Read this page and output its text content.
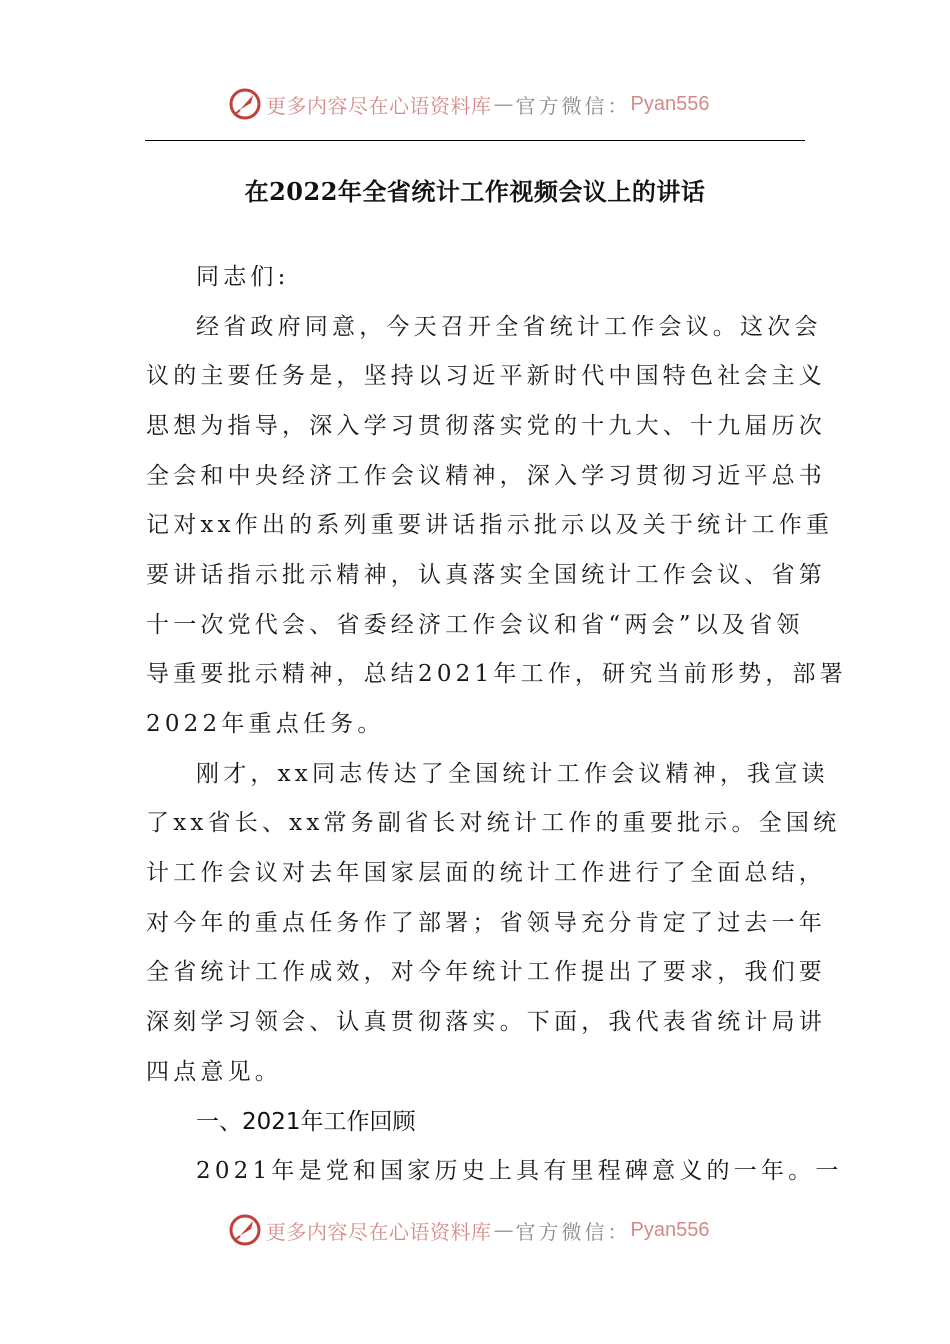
更多内容尽在心语资料库 — 官方微信： Pyan556
在2022年全省统计工作视频会议上的讲话
同志们:
经省政府同意，今天召开全省统计工作会议。这次会
议的主要任务是，坚持以习近平新时代中国特色社会主义
思想为指导，深入学习贯彻落实党的十九大、十九届历次
全会和中央经济工作会议精神，深入学习贯彻习近平总书
记对xx作出的系列重要讲话指示批示以及关于统计工作重
要讲话指示批示精神，认真落实全国统计工作会议、省第
十一次党代会、省委经济工作会议和省“两会”以及省领
导重要批示精神，总结2021年工作，研究当前形势，部署
2022年重点任务。
刚才，xx同志传达了全国统计工作会议精神，我宣读
了xx省长、xx常务副省长对统计工作的重要批示。全国统
计工作会议对去年国家层面的统计工作进行了全面总结，
对今年的重点任务作了部署；省领导充分肯定了过去一年
全省统计工作成效，对今年统计工作提出了要求，我们要
深刻学习领会、认真贯彻落实。下面，我代表省统计局讲
四点意见。
一、2021年工作回顾
2021年是党和国家历史上具有里程碑意义的一年。一
更多内容尽在心语资料库 — 官方微信： Pyan556
